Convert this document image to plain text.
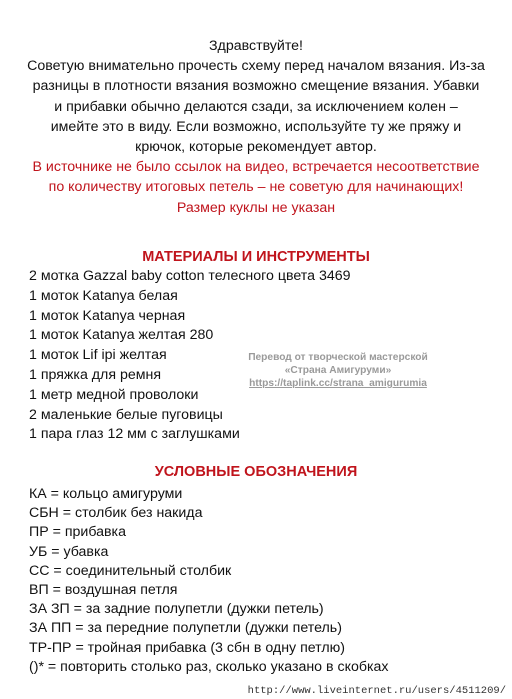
Здравствуйте!
Советую внимательно прочесть схему перед началом вязания. Из-за
разницы в плотности вязания возможно смещение вязания. Убавки
и прибавки обычно делаются сзади, за исключением колен –
имейте это в виду. Если возможно, используйте ту же пряжу и
крючок, которые рекомендует автор.
В источнике не было ссылок на видео, встречается несоответствие
по количеству итоговых петель – не советую для начинающих!
Размер куклы не указан
МАТЕРИАЛЫ И ИНСТРУМЕНТЫ
2 мотка Gazzal baby cotton телесного цвета 3469
1 моток Katanya белая
1 моток Katanya черная
1 моток Katanya желтая 280
1 моток Lif ipi желтая
1 пряжка для ремня
1 метр медной проволоки
2 маленькие белые пуговицы
1 пара глаз 12 мм с заглушками
Перевод от творческой мастерской
«Страна Амигуруми»
https://taplink.cc/strana_amigurumia
УСЛОВНЫЕ ОБОЗНАЧЕНИЯ
КА = кольцо амигуруми
СБН = столбик без накида
ПР = прибавка
УБ = убавка
СС = соединительный столбик
ВП = воздушная петля
ЗА ЗП = за задние полупетли (дужки петель)
ЗА ПП = за передние полупетли (дужки петель)
ТР-ПР = тройная прибавка (3 сбн в одну петлю)
()* = повторить столько раз, сколько указано в скобках
http://www.liveinternet.ru/users/4511209/
